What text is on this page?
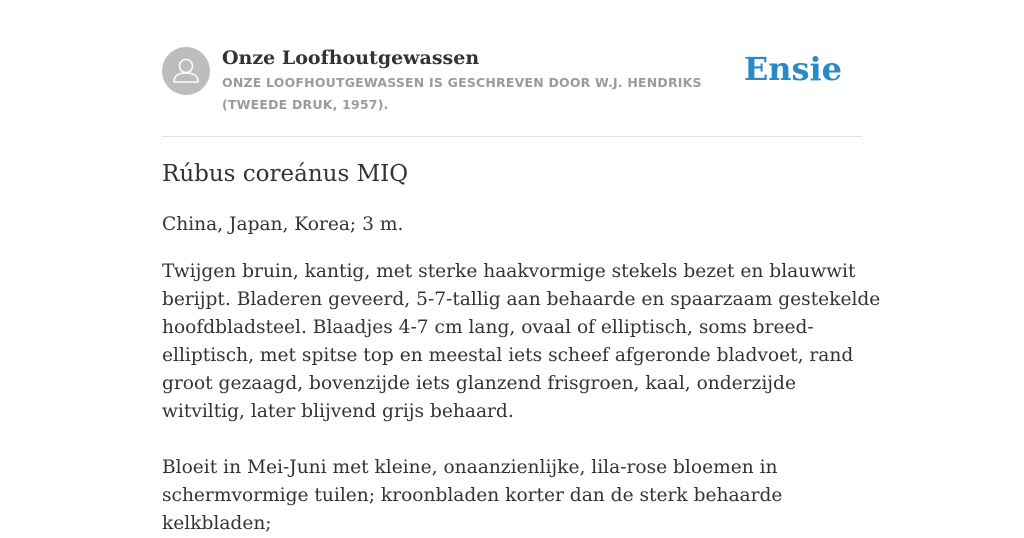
Onze Loofhoutgewassen

ONZE LOOFHOUTGEWASSEN IS GESCHREVEN DOOR W.J. HENDRIKS (TWEEDE DRUK, 1957).

Ensie
Rúbus coreánus MIQ

China, Japan, Korea; 3 m.

Twijgen bruin, kantig, met sterke haakvormige stekels bezet en blauwwit berijpt. Bladeren geveerd, 5-7-tallig aan behaarde en spaarzaam gestekelde hoofdbladsteel. Blaadjes 4-7 cm lang, ovaal of elliptisch, soms breed-elliptisch, met spitse top en meestal iets scheef afgeronde bladvoet, rand groot gezaagd, bovenzijde iets glanzend frisgroen, kaal, onderzijde witviltig, later blijvend grijs behaard.

Bloeit in Mei-Juni met kleine, onaanzienlijke, lila-rose bloemen in schermvormige tuilen; kroonbladen korter dan de sterk behaarde kelkbladen;
